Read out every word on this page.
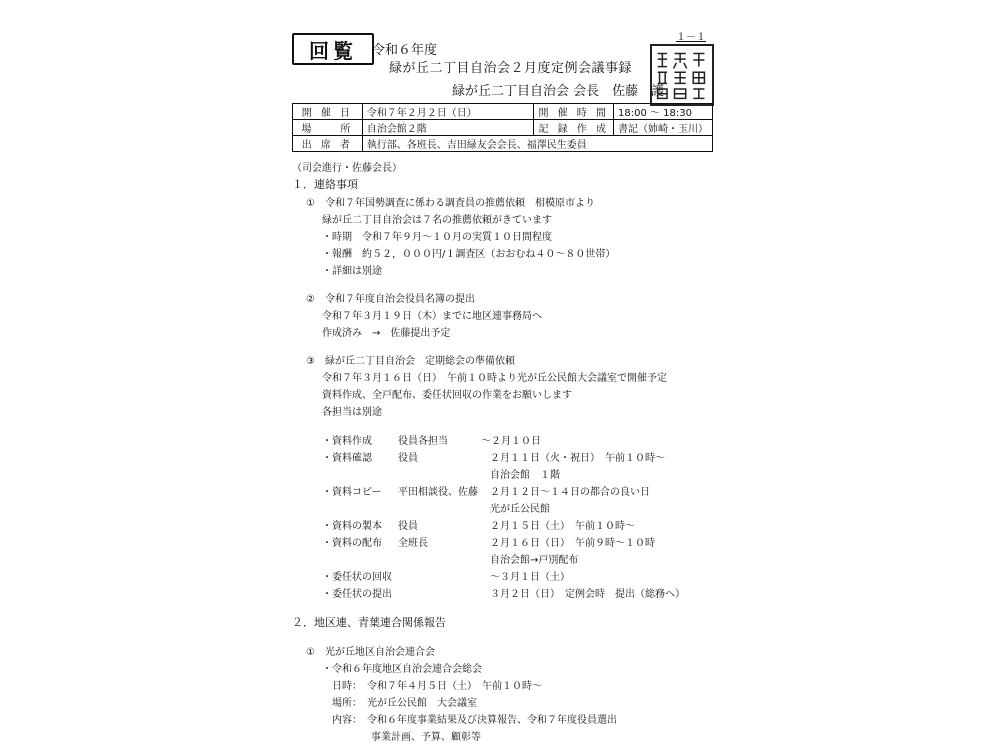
回覧	令和６年度
緑が丘二丁目自治会２月度定例会議事録
緑が丘二丁目自治会 会長　佐藤　護
１－１
開 催 日	令和７年２月２日（日）	開 催 時 間	18:00 ～ 18:30
場　　所	自治会館２階	記 録 作 成	書記（姉崎・玉川）
出 席 者	執行部、各班長、吉田緑友会会長、福澤民生委員		
（司会進行・佐藤会長）
１．連絡事項
①　令和７年国勢調査に係わる調査員の推薦依頼　相模原市より
緑が丘二丁目自治会は７名の推薦依頼がきています
・時期　令和７年９月～１０月の実質１０日間程度
・報酬　約５２，０００円/１調査区（おおむね４０～８０世帯）
・詳細は別途
②　令和７年度自治会役員名簿の提出
令和７年３月１９日（木）までに地区連事務局へ
作成済み　→　佐藤提出予定
③　緑が丘二丁目自治会　定期総会の準備依頼
令和７年３月１６日（日）　午前１０時より光が丘公民館大会議室で開催予定
資料作成、全戸配布、委任状回収の作業をお願いします
各担当は別途
・資料作成	役員各担当	～２月１０日
・資料確認	役員	２月１１日（火・祝日）　午前１０時～
自治会館　１階
・資料コピー 平田相談役、佐藤 ２月１２日～１４日の都合の良い日
光が丘公民館
・資料の製本 役員	２月１５日（土）　午前１０時～
・資料の配布 全班長	２月１６日（日）　午前９時～１０時
自治会館→戸別配布
・委任状の回収	～３月１日（土）
・委任状の提出	３月２日（日）　定例会時　提出（総務へ）
２．地区連、青葉連合関係報告
①　光が丘地区自治会連合会
・令和６年度地区自治会連合会総会
日時：　令和７年４月５日（土）　午前１０時～
場所：　光が丘公民館　大会議室
内容：　令和６年度事業結果及び決算報告、令和７年度役員選出
事業計画、予算、顧彰等
